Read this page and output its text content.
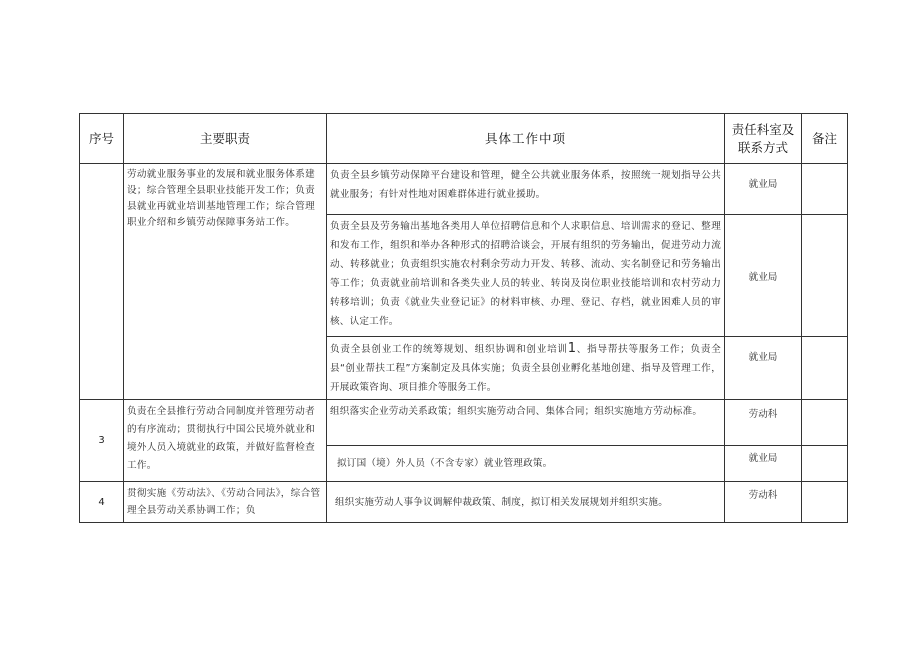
序号	主要职责	具体工作中项	责任科室及联系方式	备注
	劳动就业服务事业的发展和就业服务体系建设；综合管理全县职业技能开发工作；负责县就业再就业培训基地管理工作；综合管理职业介绍和乡镇劳动保障事务站工作。	负责全县乡镇劳动保障平台建设和管理，健全公共就业服务体系，按照统一规划指导公共就业服务；有针对性地对困难群体进行就业援助。	就业局	
		负责全县及劳务输出基地各类用人单位招聘信息和个人求职信息、培训需求的登记、整理和发布工作，组织和举办各种形式的招聘洽谈会，开展有组织的劳务输出，促进劳动力流动、转移就业；负责组织实施农村剩余劳动力开发、转移、流动、实名制登记和劳务输出等工作；负责就业前培训和各类失业人员的转业、转岗及岗位职业技能培训和农村劳动力转移培训；负责《就业失业登记证》的材料审核、办理、登记、存档，就业困难人员的审核、认定工作。	就业局	
		负责全县创业工作的统筹规划、组织协调和创业培训1、指导帮扶等服务工作；负责全县“创业帮扶工程”方案制定及具体实施；负责全县创业孵化基地创建、指导及管理工作，开展政策咨询、项目推介等服务工作。	就业局	
3	负责在全县推行劳动合同制度并管理劳动者的有序流动；贯彻执行中国公民境外就业和境外人员入境就业的政策，并做好监督检查工作。	组织落实企业劳动关系政策；组织实施劳动合同、集体合同；组织实施地方劳动标准。	劳动科	
		拟订国（境）外人员（不含专家）就业管理政策。	就业局	
4	贯彻实施《劳动法》、《劳动合同法》，综合管理全县劳动关系协调工作；负	组织实施劳动人事争议调解仲裁政策、制度，拟订相关发展规划并组织实施。	劳动科	
